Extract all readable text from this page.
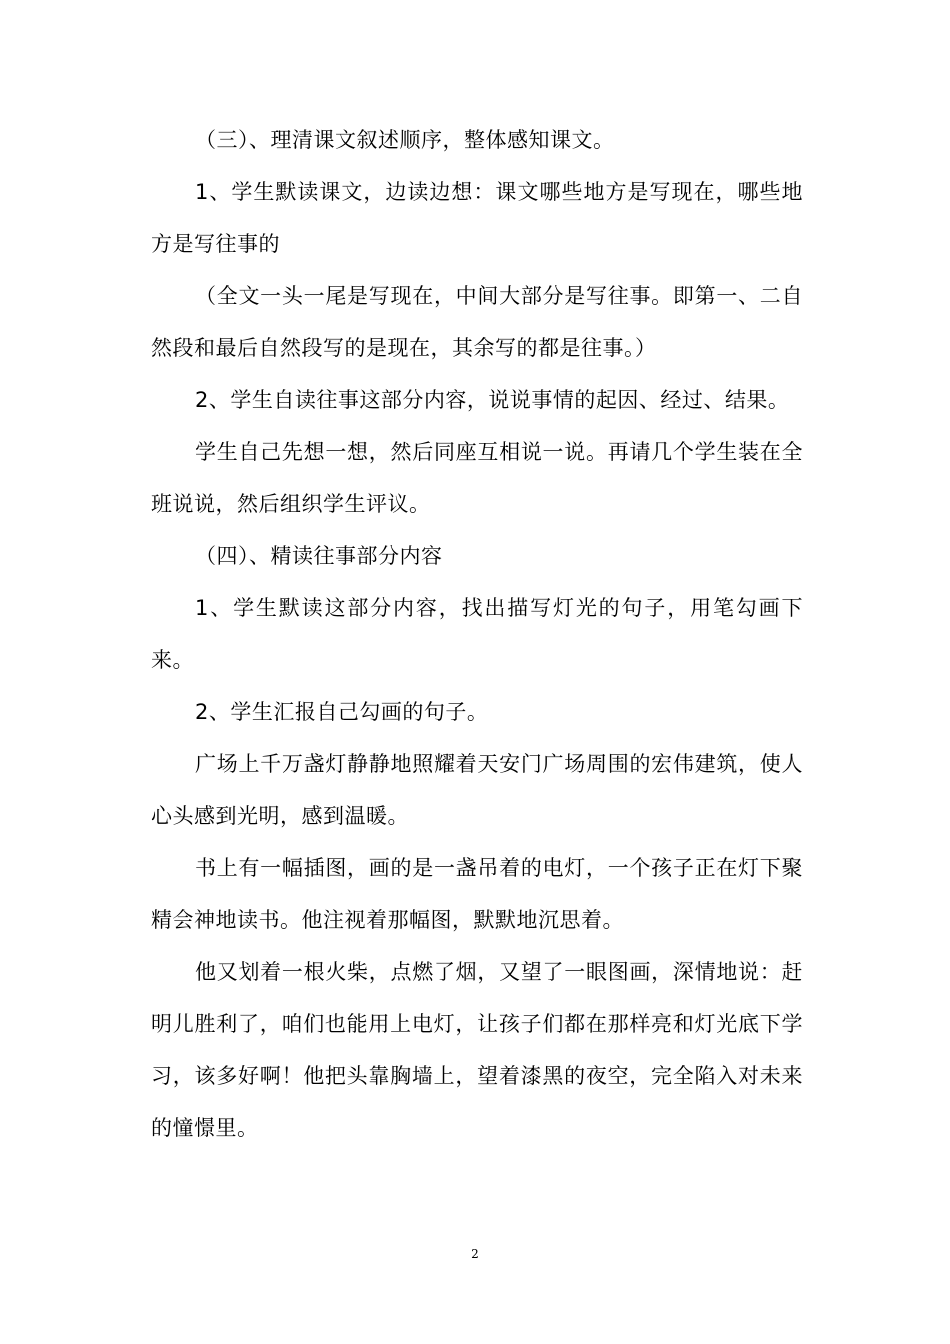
（三）、理清课文叙述顺序，整体感知课文。

1、学生默读课文，边读边想：课文哪些地方是写现在，哪些地方是写往事的

（全文一头一尾是写现在，中间大部分是写往事。即第一、二自然段和最后自然段写的是现在，其余写的都是往事。）

2、学生自读往事这部分内容，说说事情的起因、经过、结果。

学生自己先想一想，然后同座互相说一说。再请几个学生装在全班说说，然后组织学生评议。

（四）、精读往事部分内容

1、学生默读这部分内容，找出描写灯光的句子，用笔勾画下来。

2、学生汇报自己勾画的句子。

广场上千万盏灯静静地照耀着天安门广场周围的宏伟建筑，使人心头感到光明，感到温暖。

书上有一幅插图，画的是一盏吊着的电灯，一个孩子正在灯下聚精会神地读书。他注视着那幅图，默默地沉思着。

他又划着一根火柴，点燃了烟，又望了一眼图画，深情地说：赶明儿胜利了，咱们也能用上电灯，让孩子们都在那样亮和灯光底下学习，该多好啊！他把头靠胸墙上，望着漆黑的夜空，完全陷入对未来的憧憬里。

2
